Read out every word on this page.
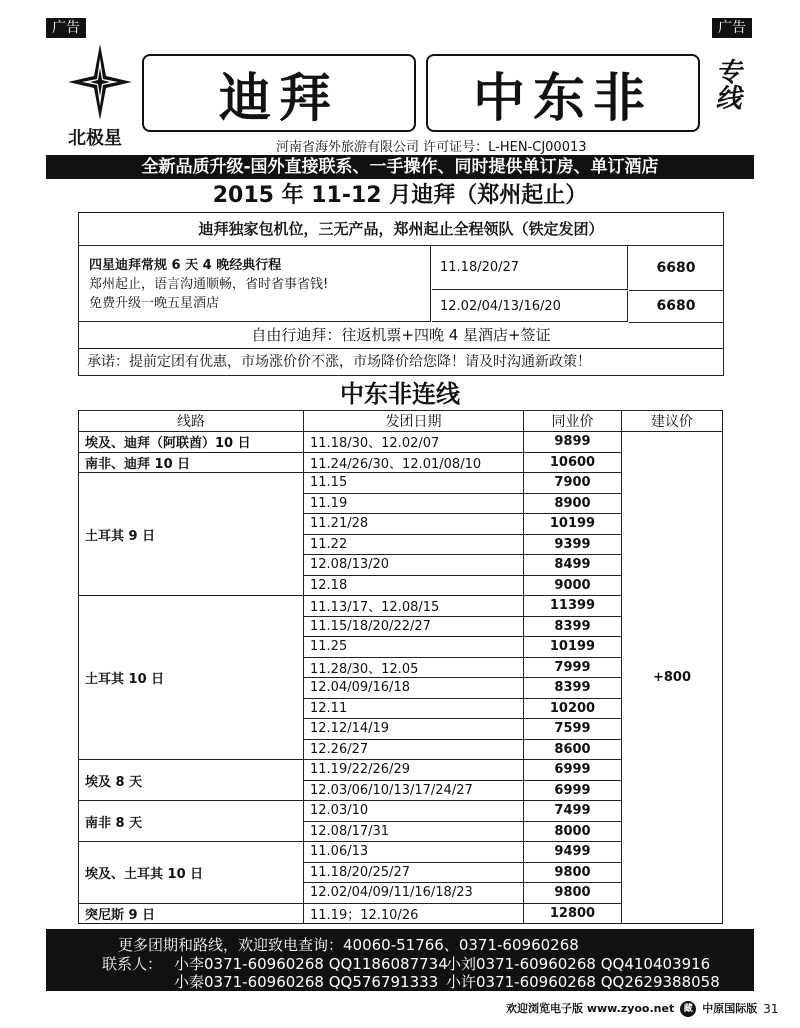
广告	广告
北极星
迪拜	中东非	专线
河南省海外旅游有限公司 许可证号：L-HEN-CJ00013
全新品质升级-国外直接联系、一手操作、同时提供单订房、单订酒店
2015 年 11-12 月迪拜（郑州起止）
迪拜独家包机位，三无产品，郑州起止全程领队（铁定发团）
四星迪拜常规 6 天 4 晚经典行程
郑州起止，语言沟通顺畅，省时省事省钱!
免费升级一晚五星酒店
11.18/20/27	6680
12.02/04/13/16/20	6680
自由行迪拜：往返机票+四晚 4 星酒店+签证
承诺：提前定团有优惠，市场涨价价不涨，市场降价给您降！请及时沟通新政策！
中东非连线
线路	发团日期	同业价	建议价
埃及、迪拜（阿联酋）10 日	11.18/30、12.02/07	9899	+800
南非、迪拜 10 日	11.24/26/30、12.01/08/10	10600	
土耳其 9 日	11.15	7900	
	11.19	8900	
	11.21/28	10199	
	11.22	9399	
	12.08/13/20	8499	
	12.18	9000	
土耳其 10 日	11.13/17、12.08/15	11399	
	11.15/18/20/22/27	8399	
	11.25	10199	
	11.28/30、12.05	7999	
	12.04/09/16/18	8399	
	12.11	10200	
	12.12/14/19	7599	
	12.26/27	8600	
埃及 8 天	11.19/22/26/29	6999	
	12.03/06/10/13/17/24/27	6999	
南非 8 天	12.03/10	7499	
	12.08/17/31	8000	
埃及、土耳其 10 日	11.06/13	9499	
	11.18/20/25/27	9800	
	12.02/04/09/11/16/18/23	9800	
突尼斯 9 日	11.19；12.10/26	12800	
更多团期和路线，欢迎致电查询：40060-51766、0371-60960268
联系人： 小李0371-60960268 QQ1186087734
小刘0371-60960268 QQ410403916
小秦0371-60960268 QQ576791333 小许0371-60960268 QQ2629388058
欢迎浏览电子版 www.zyoo.net	藏 中原国际版 31
